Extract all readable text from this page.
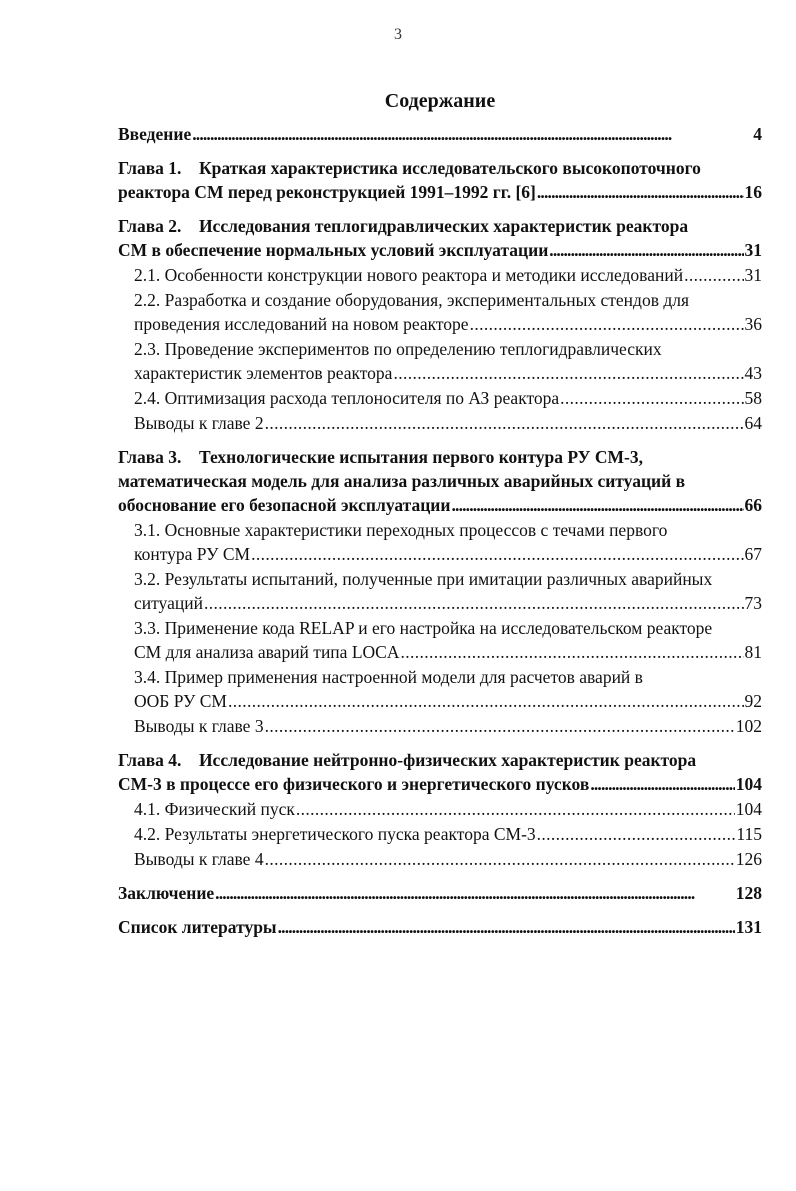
3
Содержание
Введение . . .	4
Глава 1. Краткая характеристика исследовательского высокопоточного
реактора СМ перед реконструкцией 1991–1992 гг. [6] . . .	16
Глава 2. Исследования теплогидравлических характеристик реактора
СМ в обеспечение нормальных условий эксплуатации . . .	31
2.1. Особенности конструкции нового реактора и методики исследований . . .	31
2.2. Разработка и создание оборудования, экспериментальных стендов для
проведения исследований на новом реакторе . . .	36
2.3. Проведение экспериментов по определению теплогидравлических
характеристик элементов реактора . . .	43
2.4. Оптимизация расхода теплоносителя по АЗ реактора . . .	58
Выводы к главе 2 . . .	64
Глава 3. Технологические испытания первого контура РУ СМ-3,
математическая модель для анализа различных аварийных ситуаций в
обоснование его безопасной эксплуатации . . .	66
3.1. Основные характеристики переходных процессов с течами первого
контура РУ СМ . . .	67
3.2. Результаты испытаний, полученные при имитации различных аварийных
ситуаций . . .	73
3.3. Применение кода RELAP и его настройка на исследовательском реакторе
СМ для анализа аварий типа LOCA . . .	81
3.4. Пример применения настроенной модели для расчетов аварий в
ООБ РУ СМ . . .	92
Выводы к главе 3 . . .	102
Глава 4. Исследование нейтронно-физических характеристик реактора
СМ-3 в процессе его физического и энергетического пусков . . .	104
4.1. Физический пуск . . .	104
4.2. Результаты энергетического пуска реактора СМ-3 . . .	115
Выводы к главе 4 . . .	126
Заключение . . .	128
Список литературы . . .	131
